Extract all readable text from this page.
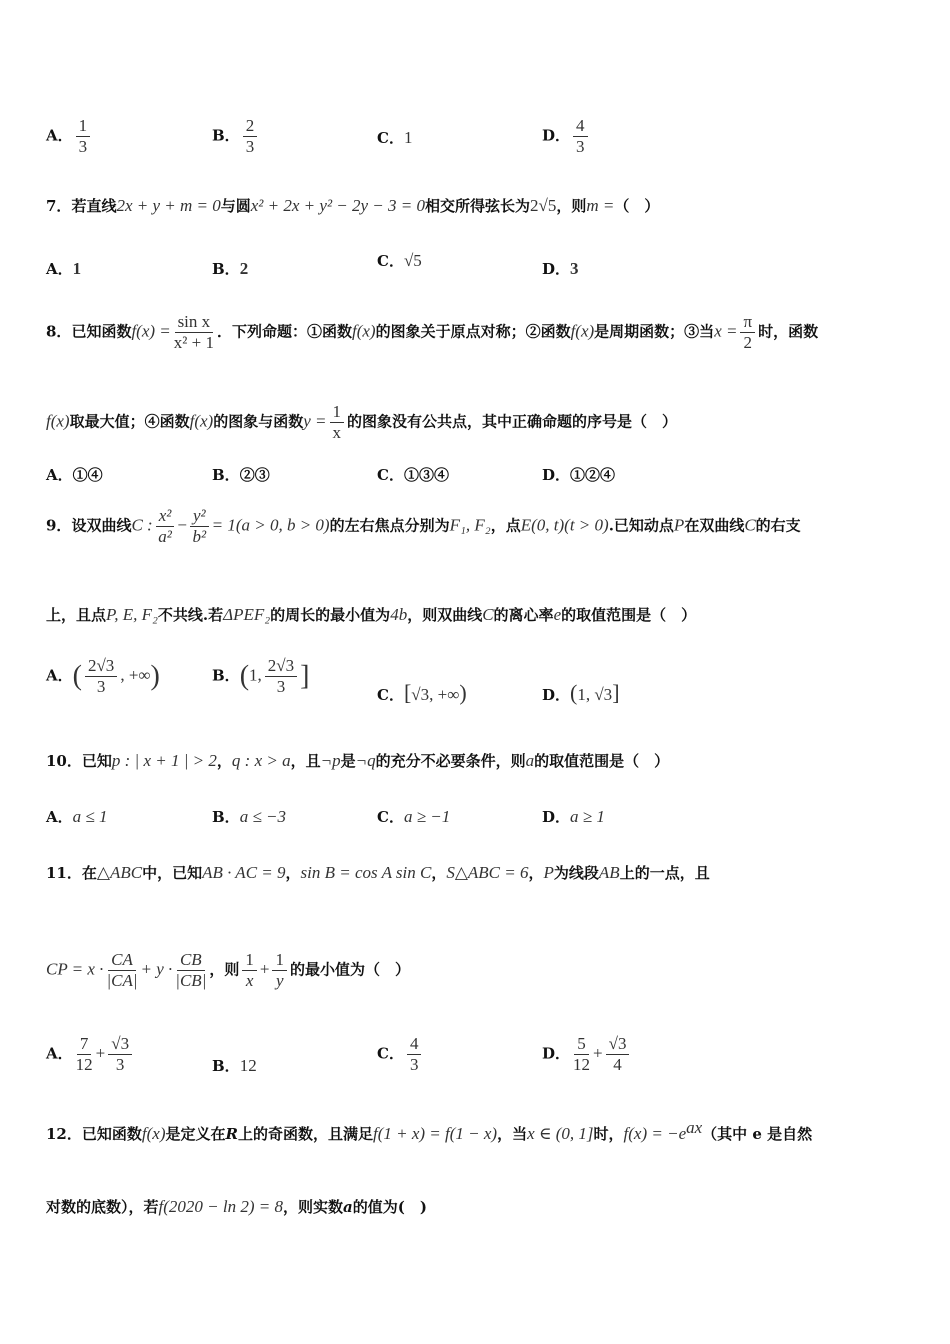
A． $\frac{1}{3}$	B． $\frac{2}{3}$	C．1	D． $\frac{4}{3}$
7．若直线2x + y + m = 0与圆x² + 2x + y² − 2y − 3 = 0相交所得弦长为2√5，则m =（　）
A．1	B．2	C．√5	D．3
8．已知函数$f(x) = \frac{\text{sin x}}{\text{x² + 1}}$ ．下列命题：①函数f(x)的图象关于原点对称；②函数f(x)是周期函数；③当$x = \frac{\pi}{2}$ 时，函数
f(x)取最大值；④函数f(x)的图象与函数$y = \frac{1}{x}$ 的图象没有公共点，其中正确命题的序号是（　）
A．①④	B．②③	C．①③④	D．①②④
9．设双曲线C : $\frac{\text{x²}}{\text{a²}} - \frac{\text{y²}}{\text{b²}} = 1(a > 0$, b > 0)的左右焦点分别为F₁, F₂，点E(0, t)(t > 0).已知动点P在双曲线C的右支
上，且点P, E, F₂不共线.若ΔPEF₂的周长的最小值为4b，则双曲线C的离心率e的取值范围是（　）
A．( $\frac{2√3}{3}$ , +∞)	B．(1, $\frac{2√3}{3}$ ]
C．[√3, +∞)	D．(1, √3]
10．已知p : | x + 1 | > 2，q : x > a，且¬p是¬q的充分不必要条件，则a的取值范围是（　）
A．a ≤ 1	B．a ≤ −3	C．a ≥ −1	D．a ≥ 1
11．在△ABC中，已知AB · AC = 9，sin B = cos A sin C，S△ABC = 6，P为线段AB上的一点，且
CP = $x \cdot \frac{CA}{|CA|} + y \cdot \frac{CB}{|CB|}$ ，则 $\frac{1}{x} + \frac{1}{y}$ 的最小值为（　）
A． $\frac{7}{12} + \frac{√3}{3}$	B．12
C． $\frac{4}{3}$	D． $\frac{5}{12} + \frac{√3}{4}$
12．已知函数f(x)是定义在R上的奇函数，且满足f(1 + x) = f(1 − x)，当x ∈ (0, 1]时，$f(x) = -e^{ax}$（其中 e 是自然
对数的底数），若f(2020 − ln 2) = 8，则实数a的值为(　)
